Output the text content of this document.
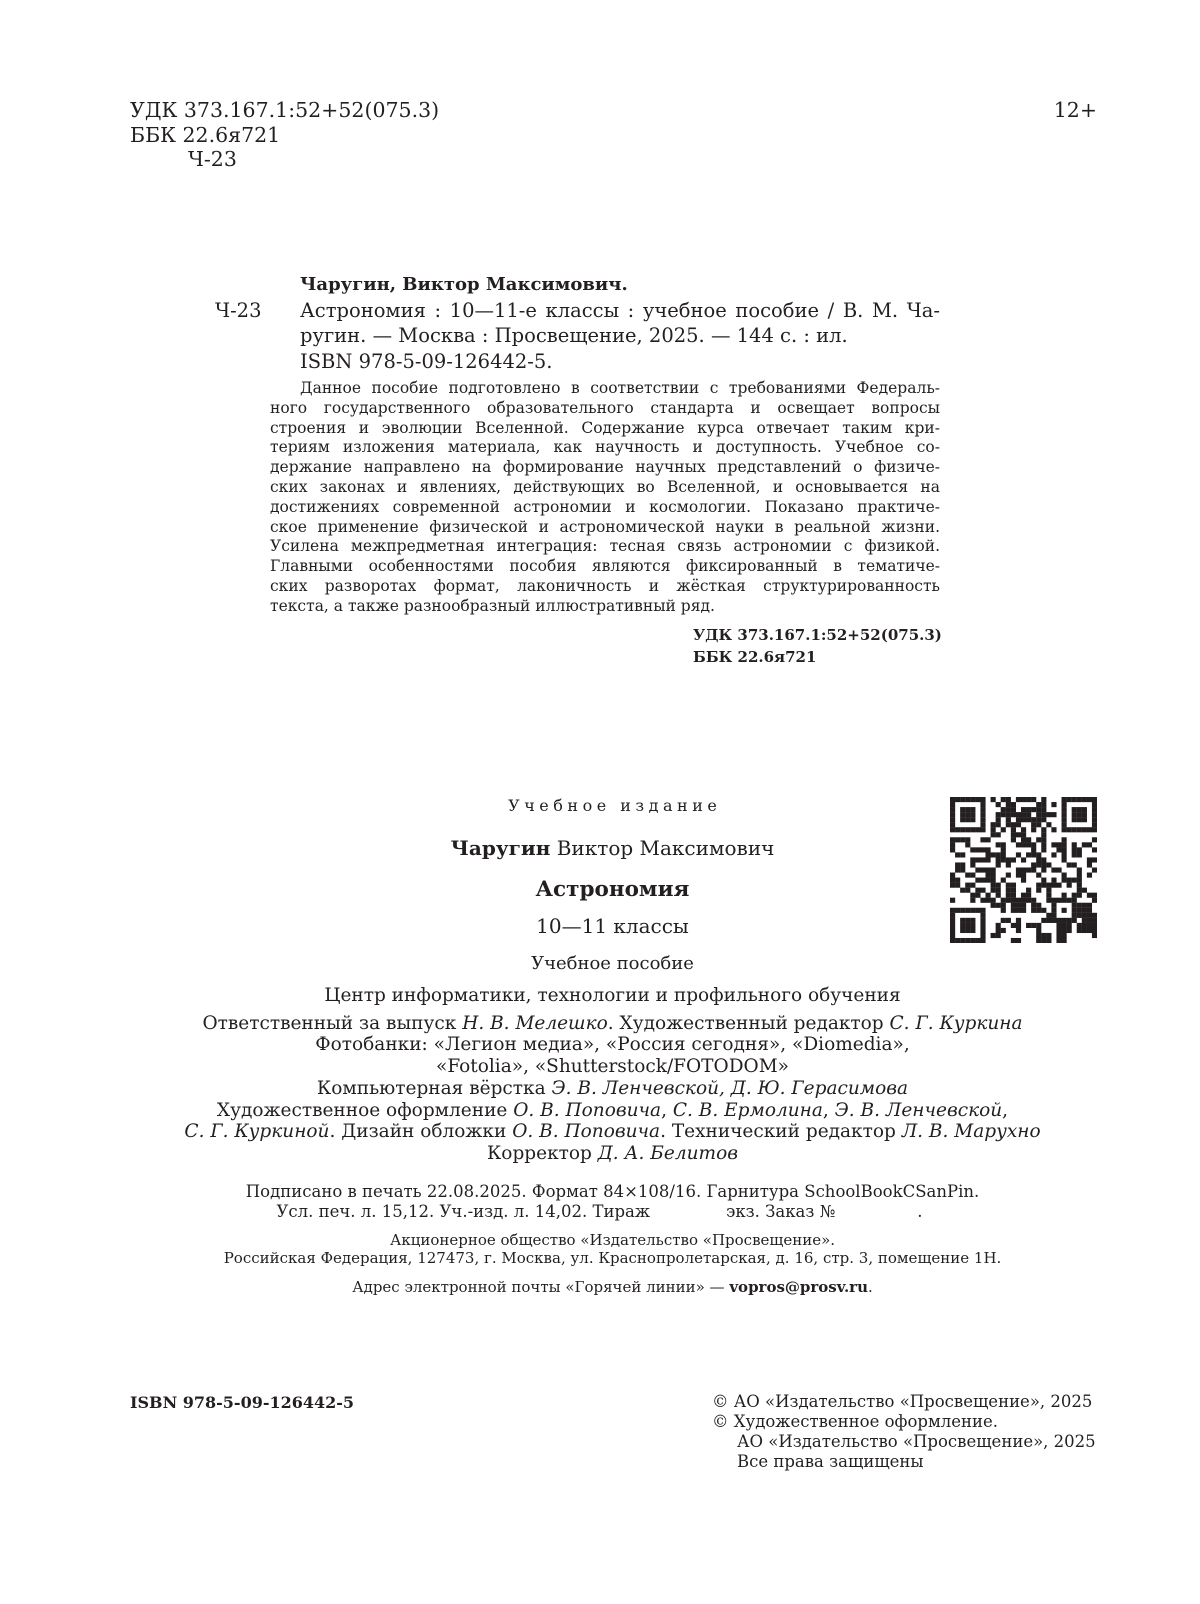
УДК 373.167.1:52+52(075.3)
ББК 22.6я721
Ч-23
12+
Чаругин, Виктор Максимович.
Астрономия : 10—11-е классы : учебное пособие / В. М. Ча-
ругин. — Москва : Просвещение, 2025. — 144 с. : ил.
ISBN 978-5-09-126442-5.
Ч-23
Данное пособие подготовлено в соответствии с требованиями Федераль-
ного государственного образовательного стандарта и освещает вопросы
строения и эволюции Вселенной. Содержание курса отвечает таким кри-
териям изложения материала, как научность и доступность. Учебное со-
держание направлено на формирование научных представлений о физиче-
ских законах и явлениях, действующих во Вселенной, и основывается на
достижениях современной астрономии и космологии. Показано практиче-
ское применение физической и астрономической науки в реальной жизни.
Усилена межпредметная интеграция: тесная связь астрономии с физикой.
Главными особенностями пособия являются фиксированный в тематиче-
ских разворотах формат, лаконичность и жёсткая структурированность
текста, а также разнообразный иллюстративный ряд.
УДК 373.167.1:52+52(075.3)
ББК 22.6я721
Учебное издание
Чаругин Виктор Максимович
Астрономия
10—11 классы
Учебное пособие
Центр информатики, технологии и профильного обучения
Ответственный за выпуск Н. В. Мелешко. Художественный редактор С. Г. Куркина
Фотобанки: «Легион медиа», «Россия сегодня», «Diomedia»,
«Fotolia», «Shutterstock/FOTODOM»
Компьютерная вёрстка Э. В. Ленчевской, Д. Ю. Герасимова
Художественное оформление О. В. Поповича, С. В. Ермолина, Э. В. Ленчевской,
С. Г. Куркиной. Дизайн обложки О. В. Поповича. Технический редактор Л. В. Марухно
Корректор Д. А. Белитов
Подписано в печать 22.08.2025. Формат 84×108/16. Гарнитура SchoolBookCSanPin.
Усл. печ. л. 15,12. Уч.-изд. л. 14,02. Тираж	экз. Заказ №	.
Акционерное общество «Издательство «Просвещение».
Российская Федерация, 127473, г. Москва, ул. Краснопролетарская, д. 16, стр. 3, помещение 1Н.
Адрес электронной почты «Горячей линии» — vopros@prosv.ru.
ISBN 978-5-09-126442-5	© АО «Издательство «Просвещение», 2025
© Художественное оформление.
АО «Издательство «Просвещение», 2025
Все права защищены
